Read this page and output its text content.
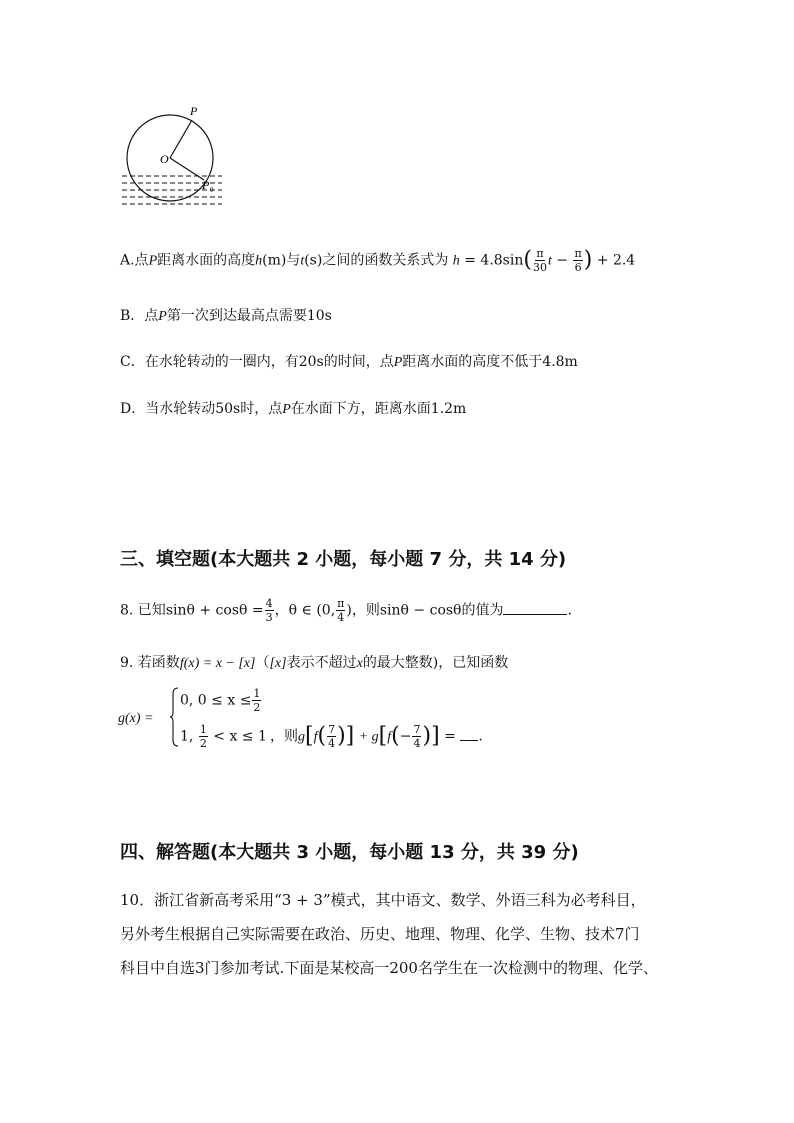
P
O
P 0
A.点P距离水面的高度h(m)与t(s)之间的函数关系式为 $h = 4.8\sin( \frac{\pi}{30}$ $t - \frac{\pi}{6}$ ) + 2.4
B．点P第一次到达最高点需要10s
C．在水轮转动的一圈内，有20s的时间，点P距离水面的高度不低于4.8m
D．当水轮转动50s时，点P在水面下方，距离水面1.2m
三、填空题(本大题共 2 小题，每小题 7 分，共 14 分)
8. 已知$\sin\theta + \cos\theta = \frac{4}{3}$ ，θ ∈ (0, $\frac{\pi}{4}$ )，则sinθ − cosθ的值为	.
9. 若函数f(x) = x − [x]（[x]表示不超过x的最大整数)，已知函数
g(x) =
0, $0 \le x \le \frac{1}{2}$
1, $\frac{1}{2} < x \le 1$ ，则$g[f( \frac{7}{4}$ )] + $g[f(- \frac{7}{4}$ )] = .
四、解答题(本大题共 3 小题，每小题 13 分，共 39 分)
10．浙江省新高考采用“3 + 3”模式，其中语文、数学、外语三科为必考科目，
另外考生根据自己实际需要在政治、历史、地理、物理、化学、生物、技术7门
科目中自选3门参加考试.下面是某校高一200名学生在一次检测中的物理、化学、
